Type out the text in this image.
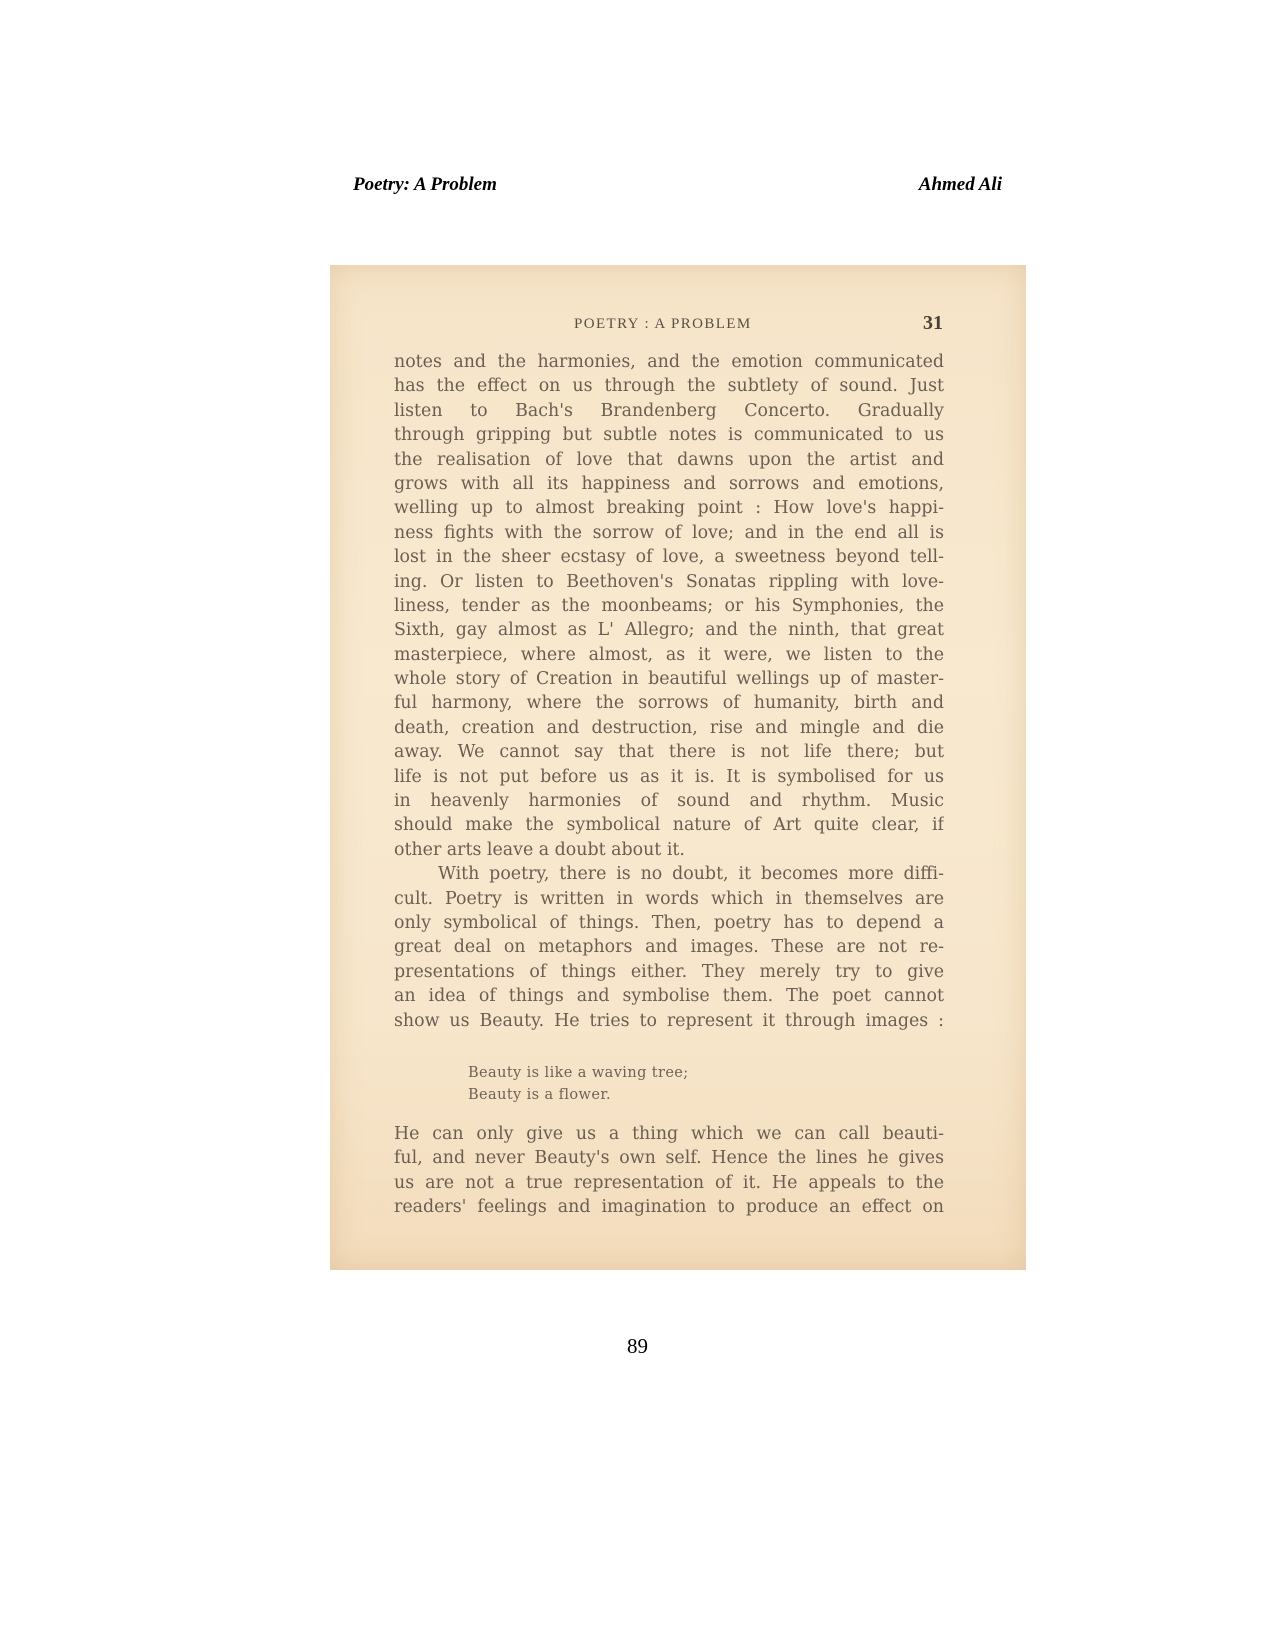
Poetry: A Problem	Ahmed Ali
POETRY : A PROBLEM	31
notes and the harmonies, and the emotion communicated
has the effect on us through the subtlety of sound. Just
listen to Bach's Brandenberg Concerto. Gradually
through gripping but subtle notes is communicated to us
the realisation of love that dawns upon the artist and
grows with all its happiness and sorrows and emotions,
welling up to almost breaking point : How love's happi-
ness fights with the sorrow of love; and in the end all is
lost in the sheer ecstasy of love, a sweetness beyond tell-
ing. Or listen to Beethoven's Sonatas rippling with love-
liness, tender as the moonbeams; or his Symphonies, the
Sixth, gay almost as L' Allegro; and the ninth, that great
masterpiece, where almost, as it were, we listen to the
whole story of Creation in beautiful wellings up of master-
ful harmony, where the sorrows of humanity, birth and
death, creation and destruction, rise and mingle and die
away. We cannot say that there is not life there; but
life is not put before us as it is. It is symbolised for us
in heavenly harmonies of sound and rhythm. Music
should make the symbolical nature of Art quite clear, if
other arts leave a doubt about it.
With poetry, there is no doubt, it becomes more diffi-
cult. Poetry is written in words which in themselves are
only symbolical of things. Then, poetry has to depend a
great deal on metaphors and images. These are not re-
presentations of things either. They merely try to give
an idea of things and symbolise them. The poet cannot
show us Beauty. He tries to represent it through images :
Beauty is like a waving tree;
Beauty is a flower.
He can only give us a thing which we can call beauti-
ful, and never Beauty's own self. Hence the lines he gives
us are not a true representation of it. He appeals to the
readers' feelings and imagination to produce an effect on
89
